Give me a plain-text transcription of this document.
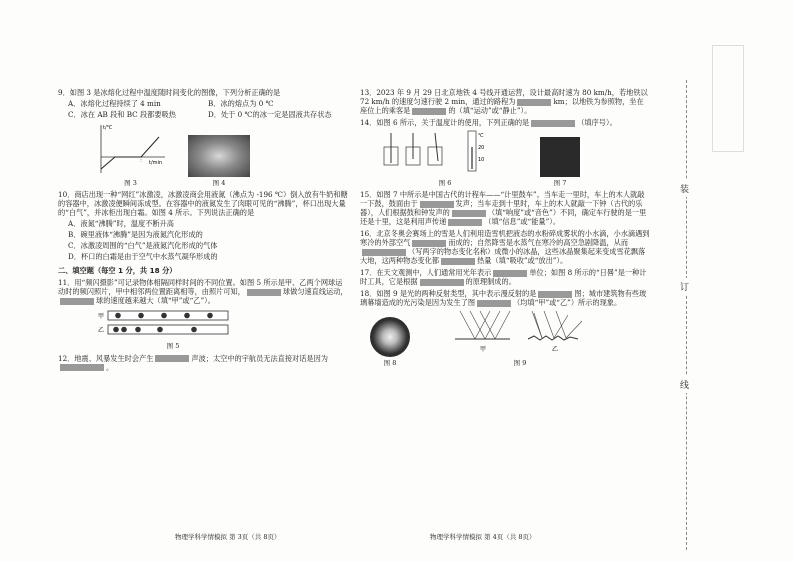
9．如图 3 是冰熔化过程中温度随时间变化的图像，下列分析正确的是

A．冰熔化过程持续了 4 min	B．冰的熔点为 0 ℃
C．冰在 AB 段和 BC 段都要吸热	D．处于 0 ℃的冰一定是固液共存状态
t/℃
t/min
图 3	图 4

10．商店出现一种“网红”冰激凌，冰激凌商会用液氮（沸点为 -196 ℃）倒入放有牛奶和糖的容器中，冰激凌便瞬间冻成型。在容器中的液氮发生了肉眼可见的“沸腾”，杯口出现大量的“白气”，并冰柜出现白霜。如图 4 所示。下列说法正确的是

A．液氮“沸腾”时，温度不断升高
B．碗里液体“沸腾”是因为液氮汽化形成的
C．冰激凌周围的“白气”是液氮汽化形成的气体
D．杯口的白霜是由于空气中水蒸气凝华形成的
二、填空题（每空 1 分，共 18 分）

11．用“频闪摄影”可记录物体相隔同样时间的不同位置。如图 5 所示是甲、乙两个网球运动时的频闪照片，甲中相邻两位置距离相等，由照片可知，	球做匀速直线运动，球的速度越来越大（填“甲”或“乙”）。

甲
乙
图 5

12．地震、风暴发生时会产生	声波；太空中的宇航员无法直接对话是因为。

物理学科学情模拟 第 3页（共 8页）

13．2023 年 9 月 29 日北京地铁 4 号线开通运营，设计最高时速为 80 km/h，若地铁以 72 km/h 的速度匀速行驶 2 min，通过的路程为	km；以地铁为参照物，坐在座位上的乘客是	的（填“运动”或“静止”）。

14．如图 6 所示，关于温度计的使用，下列正确的是	（填序号）。

℃
20
10
图 6	图 7

15．如图 7 中所示是中国古代的计程车——“计里鼓车”。当车走一里时，车上的木人就敲一下鼓，鼓面由于	发声；当车走到十里时，车上的木人就敲一下钟（古代的乐器），人们根据鼓和钟发声的	（填“响度”或“音色”）不同，确定车行驶的是一里还是十里，这是利用声传递	（填“信息”或“能量”）。

16．北京冬奥会赛场上的雪是人们利用造雪机把液态的水粉碎成雾状的小水滴，小水滴遇到寒冷的外部空气	而成的；自然降雪是水蒸气在寒冷的高空急剧降温，从而（写两字的物态变化名称）成微小的冰晶，这些冰晶聚集起来变成雪花飘落大地，这两种物态变化都	热量（填“吸收”或“放出”）。

17．在天文观测中，人们通常用光年表示	单位；如图 8 所示的“日晷”是一种计时工具，它是根据	的原理制成的。

18．如图 9 是光的两种反射类型，其中表示漫反射的是	图；城市建筑物有些玻璃幕墙造成的光污染是因为发生了图	（均填“甲”或“乙”）所示的现象。

图 8
甲	乙
图 9
物理学科学情模拟 第 4页（共 8页）
装
订
线
